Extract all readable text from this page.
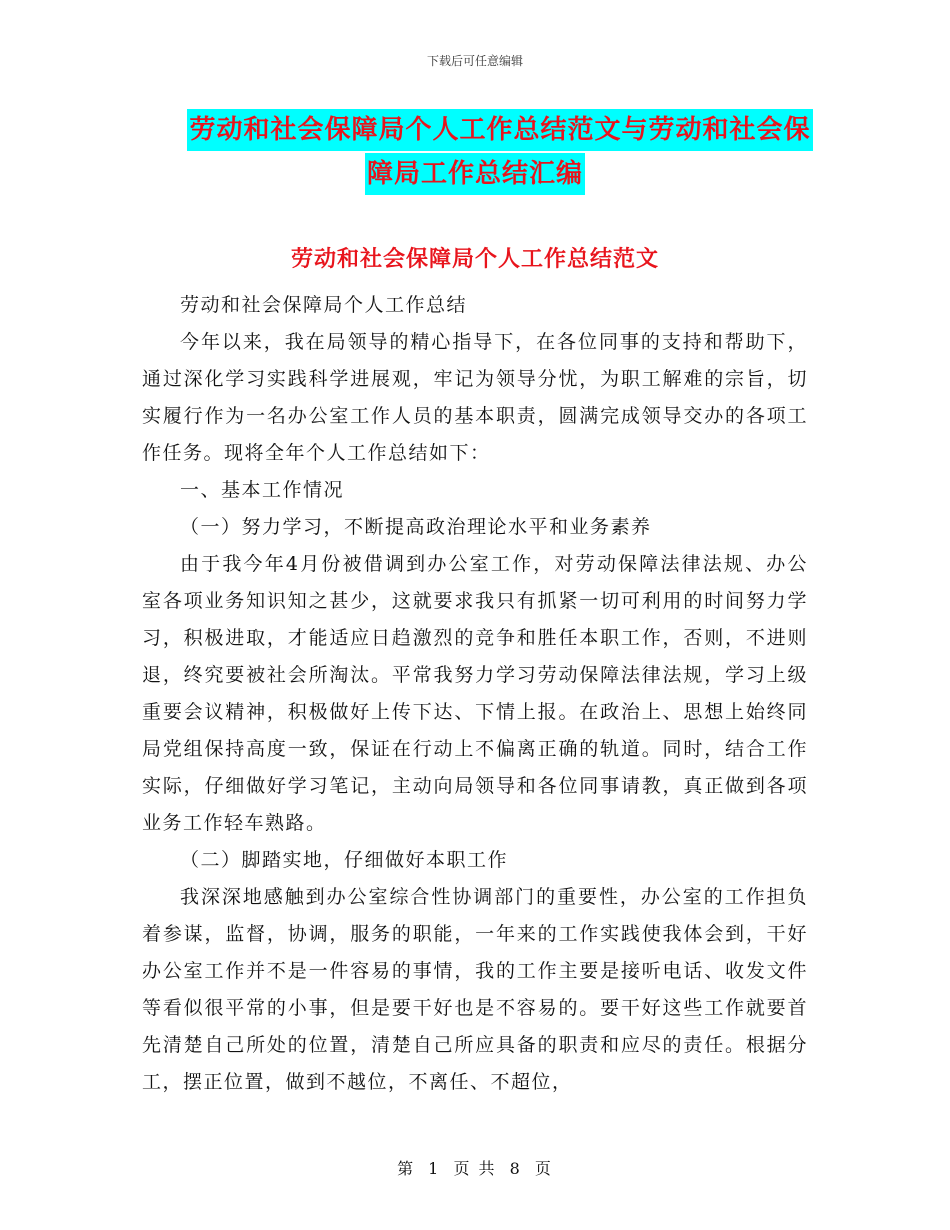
下载后可任意编辑
劳动和社会保障局个人工作总结范文与劳动和社会保
障局工作总结汇编
劳动和社会保障局个人工作总结范文

劳动和社会保障局个人工作总结

今年以来，我在局领导的精心指导下，在各位同事的支持和帮助下，通过深化学习实践科学进展观，牢记为领导分忧，为职工解难的宗旨，切实履行作为一名办公室工作人员的基本职责，圆满完成领导交办的各项工作任务。现将全年个人工作总结如下：

一、基本工作情况

（一）努力学习，不断提高政治理论水平和业务素养

由于我今年4月份被借调到办公室工作，对劳动保障法律法规、办公室各项业务知识知之甚少，这就要求我只有抓紧一切可利用的时间努力学习，积极进取，才能适应日趋激烈的竞争和胜任本职工作，否则，不进则退，终究要被社会所淘汰。平常我努力学习劳动保障法律法规，学习上级重要会议精神，积极做好上传下达、下情上报。在政治上、思想上始终同局党组保持高度一致，保证在行动上不偏离正确的轨道。同时，结合工作实际，仔细做好学习笔记，主动向局领导和各位同事请教，真正做到各项业务工作轻车熟路。

（二）脚踏实地，仔细做好本职工作

我深深地感触到办公室综合性协调部门的重要性，办公室的工作担负着参谋，监督，协调，服务的职能，一年来的工作实践使我体会到，干好办公室工作并不是一件容易的事情，我的工作主要是接听电话、收发文件等看似很平常的小事，但是要干好也是不容易的。要干好这些工作就要首先清楚自己所处的位置，清楚自己所应具备的职责和应尽的责任。根据分工，摆正位置，做到不越位，不离任、不超位，

第 1 页 共 8 页
